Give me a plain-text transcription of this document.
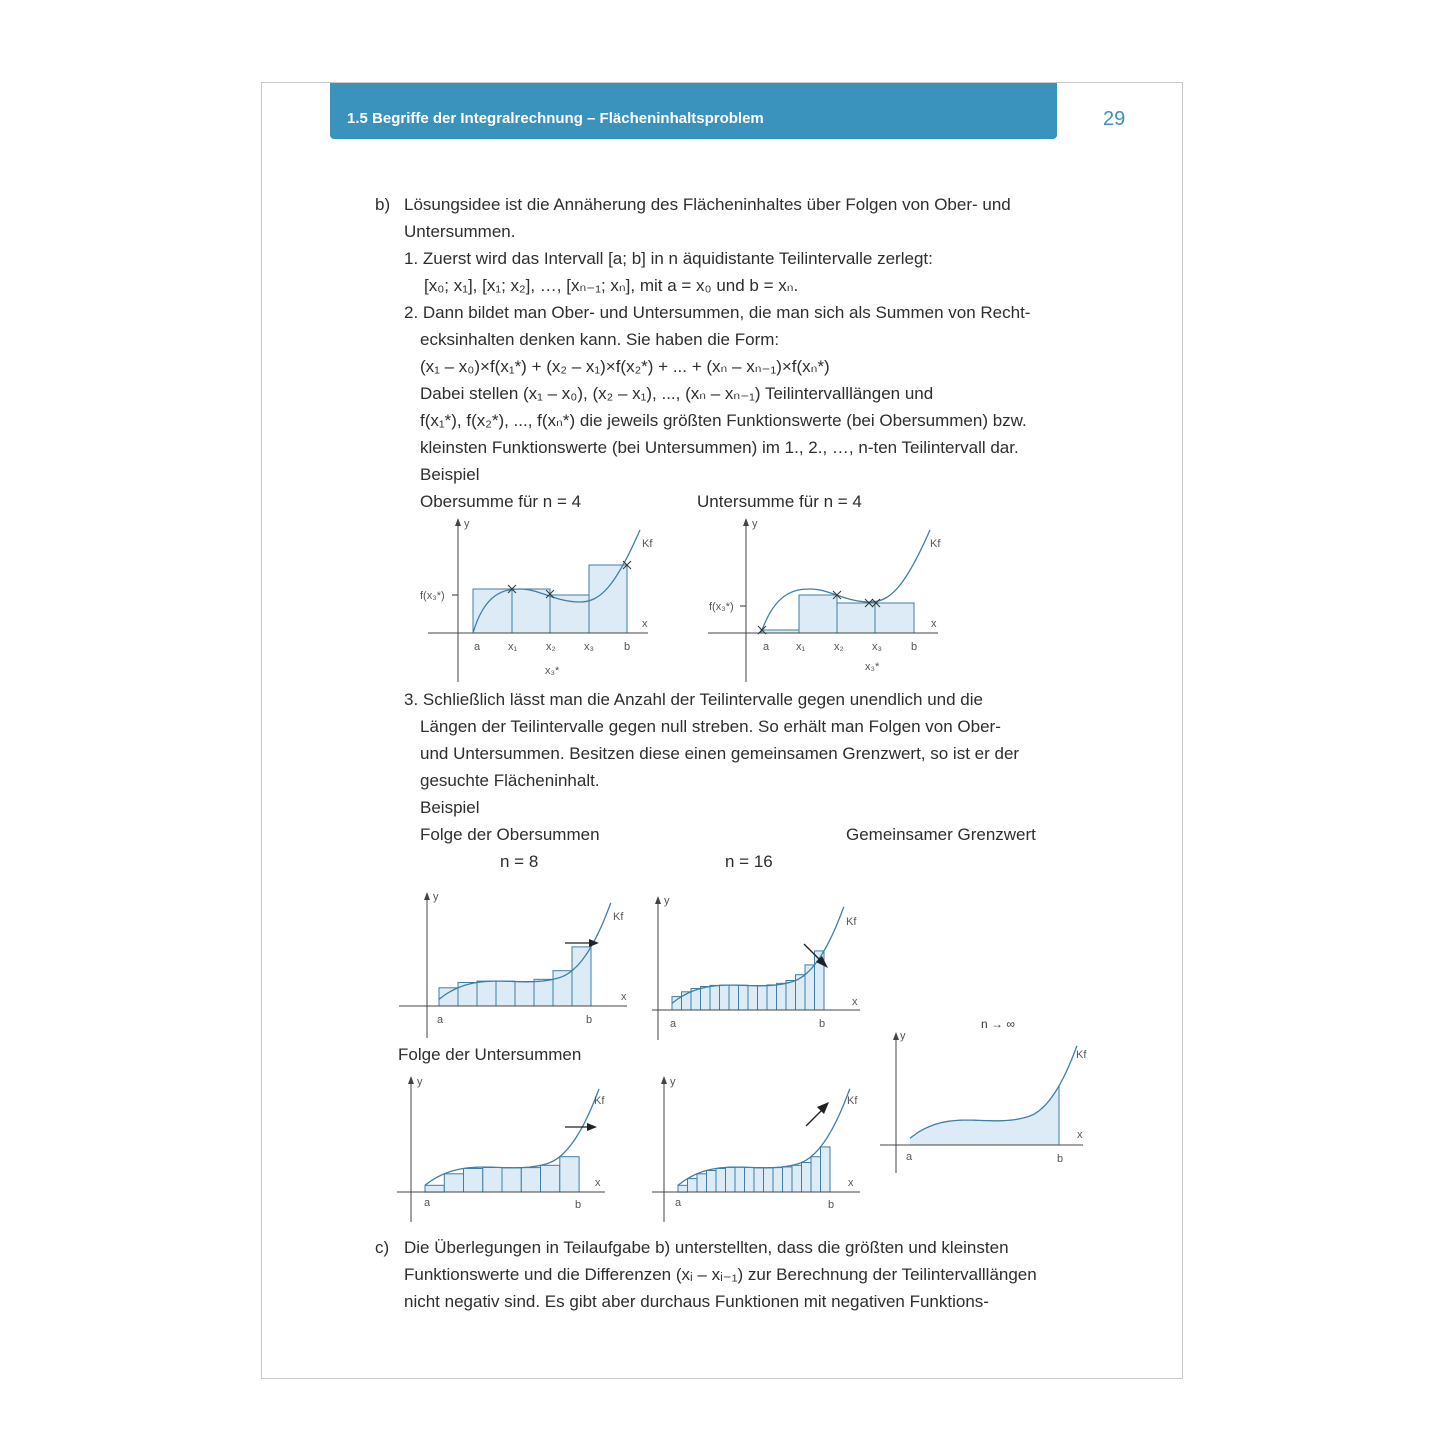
1.5 Begriffe der Integralrechnung – Flächeninhaltsproblem	29
b) Lösungsidee ist die Annäherung des Flächeninhaltes über Folgen von Ober- und
Untersummen.
1. Zuerst wird das Intervall [a; b] in n äquidistante Teilintervalle zerlegt:
[x₀; x₁], [x₁; x₂], …, [xₙ₋₁; xₙ], mit a = x₀ und b = xₙ.
2. Dann bildet man Ober- und Untersummen, die man sich als Summen von Recht-
ecksinhalten denken kann. Sie haben die Form:
(x₁ – x₀)×f(x₁*) + (x₂ – x₁)×f(x₂*) + ... + (xₙ – xₙ₋₁)×f(xₙ*)
Dabei stellen (x₁ – x₀), (x₂ – x₁), ..., (xₙ – xₙ₋₁) Teilintervalllängen und
f(x₁*), f(x₂*), ..., f(xₙ*) die jeweils größten Funktionswerte (bei Obersummen) bzw.
kleinsten Funktionswerte (bei Untersummen) im 1., 2., …, n-ten Teilintervall dar.
Beispiel
Obersumme für n = 4	Untersumme für n = 4
y
x
Kf
a	x₁	x₂	x₃	b
x₃*
f(x₃*)
y
x
Kf
a x₁	x₂	x₃	b
x₃*
f(x₃*)
3. Schließlich lässt man die Anzahl der Teilintervalle gegen unendlich und die
Längen der Teilintervalle gegen null streben. So erhält man Folgen von Ober-
und Untersummen. Besitzen diese einen gemeinsamen Grenzwert, so ist er der
gesuchte Flächeninhalt.
Beispiel
Folge der Obersummen	Gemeinsamer Grenzwert
n = 8	n = 16
y
x
Kf
a	b
y
x
Kf
a	b	n → ∞
Folge der Untersummen
y
x
Kf
a	b
y
x
Kf
a	b
y
x
Kf
a	b
c) Die Überlegungen in Teilaufgabe b) unterstellten, dass die größten und kleinsten
Funktionswerte und die Differenzen (xᵢ – xᵢ₋₁) zur Berechnung der Teilintervalllängen
nicht negativ sind. Es gibt aber durchaus Funktionen mit negativen Funktions-
